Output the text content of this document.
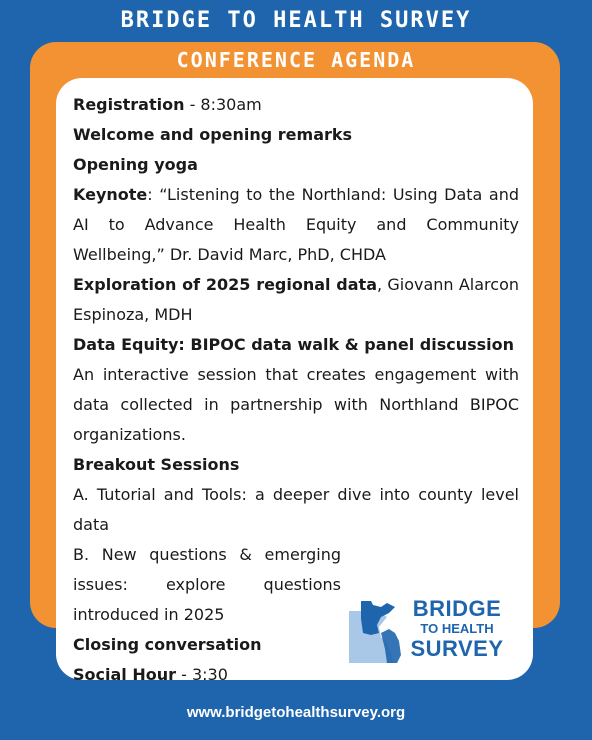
BRIDGE TO HEALTH SURVEY
CONFERENCE AGENDA

Registration - 8:30am

Welcome and opening remarks

Opening yoga

Keynote: “Listening to the Northland: Using Data and AI to Advance Health Equity and Community Wellbeing,” Dr. David Marc, PhD, CHDA

Exploration of 2025 regional data, Giovann Alarcon Espinoza, MDH

Data Equity: BIPOC data walk & panel discussion

An interactive session that creates engagement with data collected in partnership with Northland BIPOC organizations.

Breakout Sessions

A. Tutorial and Tools: a deeper dive into county level data

B. New questions & emerging issues: explore questions introduced in 2025

Closing conversation

Social Hour - 3:30

BRIDGE
TO HEALTH
SURVEY
www.bridgetohealthsurvey.org
